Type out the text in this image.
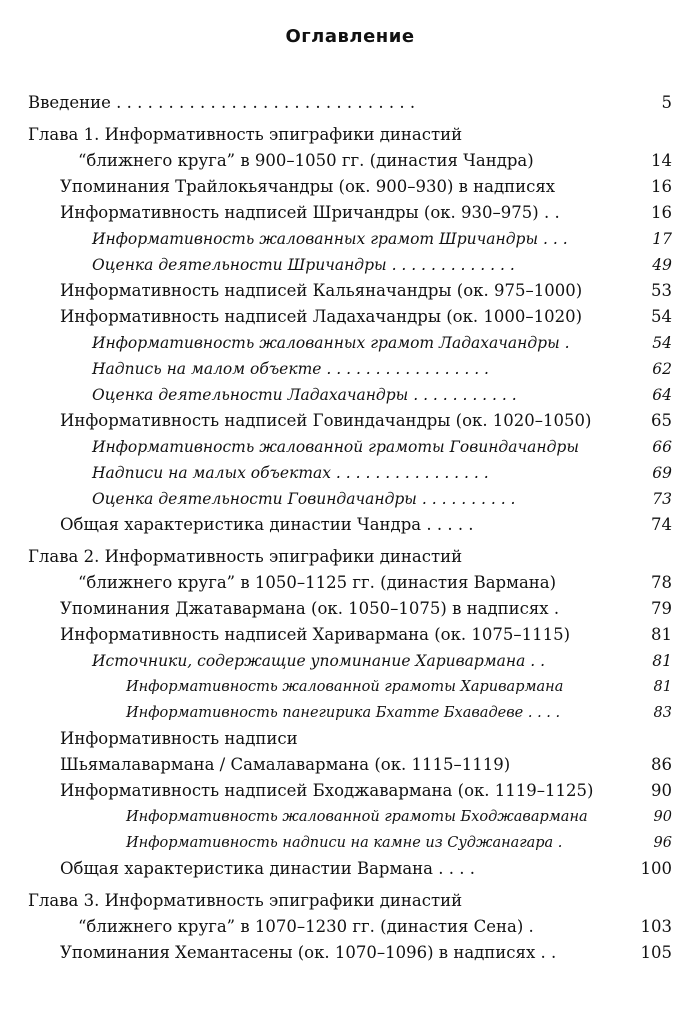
Оглавление
Введение . . . . . . . . . . . . . . . . . . . . . . . . . . . . .	5
Глава 1. Информативность эпиграфики династий
“ближнего круга” в 900–1050 гг. (династия Чандра)	14
Упоминания Трайлокьячандры (ок. 900–930) в надписях	16
Информативность надписей Шричандры (ок. 930–975) . .	16
Информативность жалованных грамот Шричандры . . .	17
Оценка деятельности Шричандры . . . . . . . . . . . . .	49
Информативность надписей Кальяначандры (ок. 975–1000)	53
Информативность надписей Ладахачандры (ок. 1000–1020)	54
Информативность жалованных грамот Ладахачандры .	54
Надпись на малом объекте . . . . . . . . . . . . . . . . .	62
Оценка деятельности Ладахачандры . . . . . . . . . . .	64
Информативность надписей Говиндачандры (ок. 1020–1050)	65
Информативность жалованной грамоты Говиндачандры	66
Надписи на малых объектах . . . . . . . . . . . . . . . .	69
Оценка деятельности Говиндачандры . . . . . . . . . .	73
Общая характеристика династии Чандра . . . . .	74
Глава 2. Информативность эпиграфики династий
“ближнего круга” в 1050–1125 гг. (династия Вармана)	78
Упоминания Джатавармана (ок. 1050–1075) в надписях .	79
Информативность надписей Харивармана (ок. 1075–1115)	81
Источники, содержащие упоминание Харивармана . .	81
Информативность жалованной грамоты Харивармана	81
Информативность панегирика Бхатте Бхавадеве . . . .	83
Информативность надписи
Шьямалавармана / Самалавармана (ок. 1115–1119)	86
Информативность надписей Бходжавармана (ок. 1119–1125)	90
Информативность жалованной грамоты Бходжавармана	90
Информативность надписи на камне из Суджанагара .	96
Общая характеристика династии Вармана . . . .	100
Глава 3. Информативность эпиграфики династий
“ближнего круга” в 1070–1230 гг. (династия Сена) .	103
Упоминания Хемантасены (ок. 1070–1096) в надписях . .	105
